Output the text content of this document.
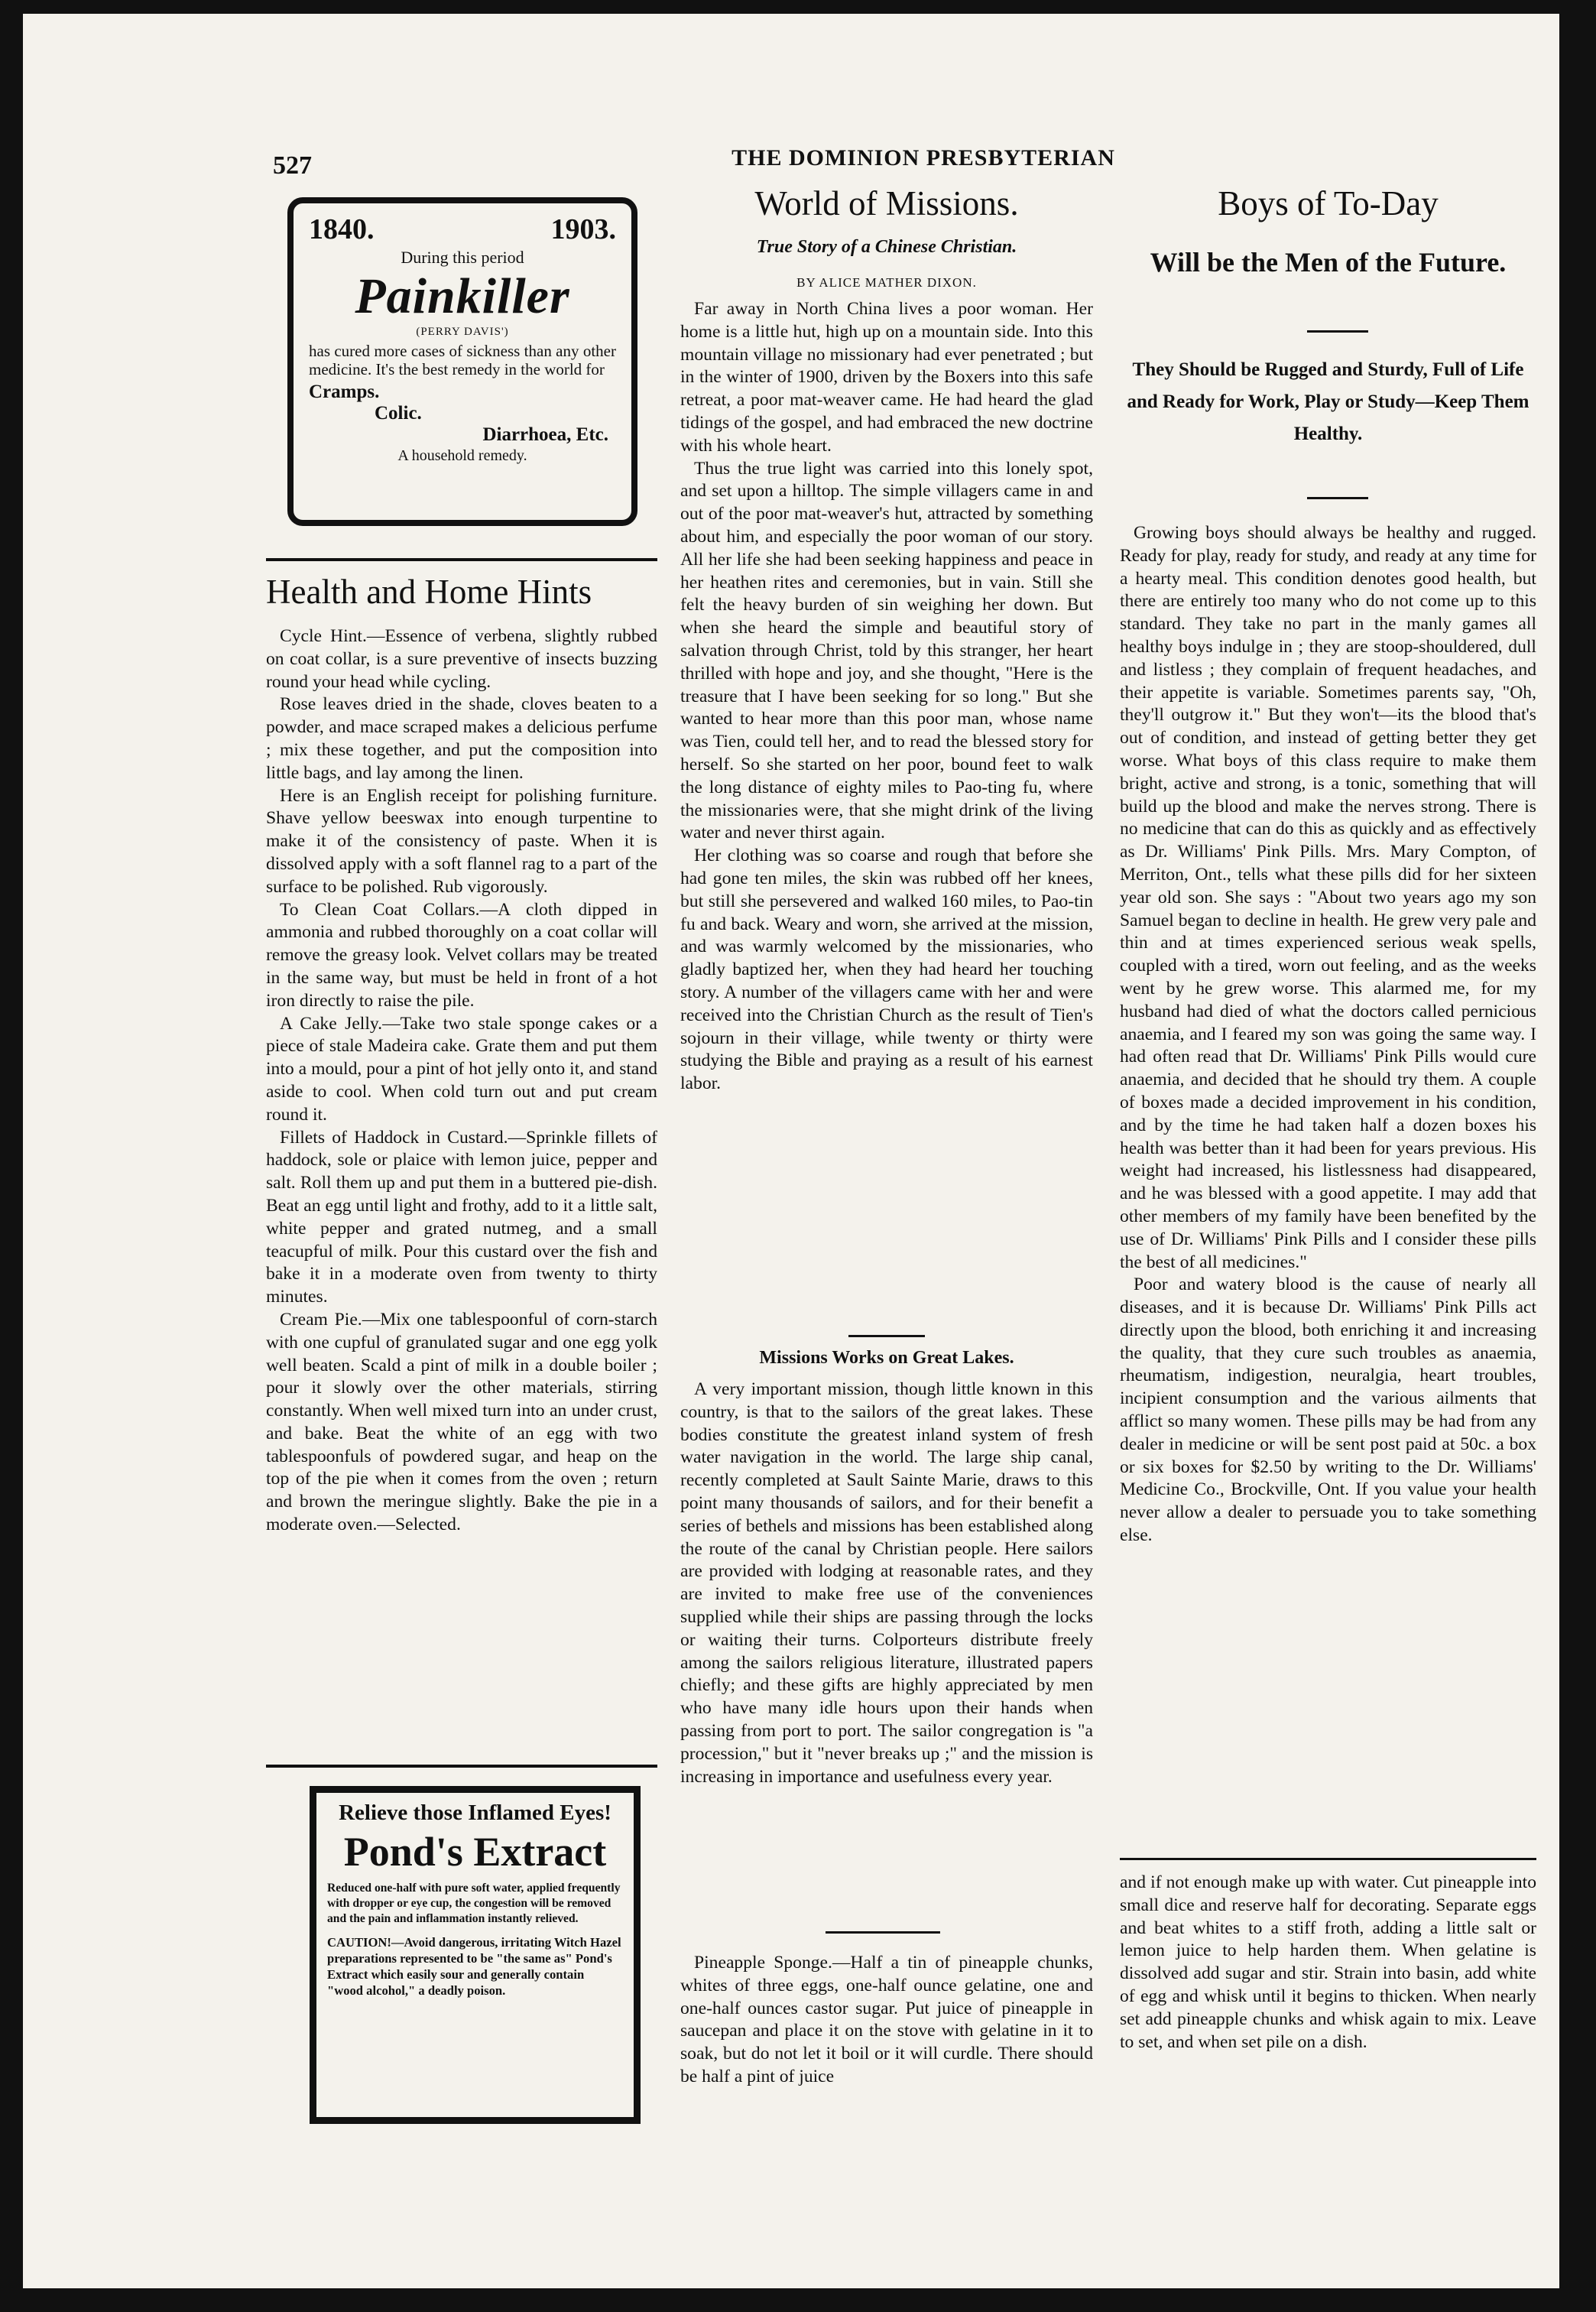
527	THE DOMINION PRESBYTERIAN
1840.	1903.
During this period
Painkiller
(PERRY DAVIS')
has cured more cases of sickness than any other medicine. It's the best remedy in the world for
Cramps.
Colic.
Diarrhoea, Etc.
A household remedy.
Health and Home Hints

Cycle Hint.—Essence of verbena, slightly rubbed on coat collar, is a sure preventive of insects buzzing round your head while cycling.

Rose leaves dried in the shade, cloves beaten to a powder, and mace scraped makes a delicious perfume ; mix these together, and put the composition into little bags, and lay among the linen.

Here is an English receipt for polishing furniture. Shave yellow beeswax into enough turpentine to make it of the consistency of paste. When it is dissolved apply with a soft flannel rag to a part of the surface to be polished. Rub vigorously.

To Clean Coat Collars.—A cloth dipped in ammonia and rubbed thoroughly on a coat collar will remove the greasy look. Velvet collars may be treated in the same way, but must be held in front of a hot iron directly to raise the pile.

A Cake Jelly.—Take two stale sponge cakes or a piece of stale Madeira cake. Grate them and put them into a mould, pour a pint of hot jelly onto it, and stand aside to cool. When cold turn out and put cream round it.

Fillets of Haddock in Custard.—Sprinkle fillets of haddock, sole or plaice with lemon juice, pepper and salt. Roll them up and put them in a buttered pie-dish. Beat an egg until light and frothy, add to it a little salt, white pepper and grated nutmeg, and a small teacupful of milk. Pour this custard over the fish and bake it in a moderate oven from twenty to thirty minutes.

Cream Pie.—Mix one tablespoonful of corn-starch with one cupful of granulated sugar and one egg yolk well beaten. Scald a pint of milk in a double boiler ; pour it slowly over the other materials, stirring constantly. When well mixed turn into an under crust, and bake. Beat the white of an egg with two tablespoonfuls of powdered sugar, and heap on the top of the pie when it comes from the oven ; return and brown the meringue slightly. Bake the pie in a moderate oven.—Selected.

Relieve those Inflamed Eyes!
Pond's Extract
Reduced one-half with pure soft water, applied frequently with dropper or eye cup, the congestion will be removed and the pain and inflammation instantly relieved.
CAUTION!—Avoid dangerous, irritating Witch Hazel preparations represented to be "the same as" Pond's Extract which easily sour and generally contain "wood alcohol," a deadly poison.
World of Missions.
True Story of a Chinese Christian.
BY ALICE MATHER DIXON.

Far away in North China lives a poor woman. Her home is a little hut, high up on a mountain side. Into this mountain village no missionary had ever penetrated ; but in the winter of 1900, driven by the Boxers into this safe retreat, a poor mat-weaver came. He had heard the glad tidings of the gospel, and had embraced the new doctrine with his whole heart.

Thus the true light was carried into this lonely spot, and set upon a hilltop. The simple villagers came in and out of the poor mat-weaver's hut, attracted by something about him, and especially the poor woman of our story. All her life she had been seeking happiness and peace in her heathen rites and ceremonies, but in vain. Still she felt the heavy burden of sin weighing her down. But when she heard the simple and beautiful story of salvation through Christ, told by this stranger, her heart thrilled with hope and joy, and she thought, "Here is the treasure that I have been seeking for so long." But she wanted to hear more than this poor man, whose name was Tien, could tell her, and to read the blessed story for herself. So she started on her poor, bound feet to walk the long distance of eighty miles to Pao-ting fu, where the missionaries were, that she might drink of the living water and never thirst again.

Her clothing was so coarse and rough that before she had gone ten miles, the skin was rubbed off her knees, but still she persevered and walked 160 miles, to Pao-tin fu and back. Weary and worn, she arrived at the mission, and was warmly welcomed by the missionaries, who gladly baptized her, when they had heard her touching story. A number of the villagers came with her and were received into the Christian Church as the result of Tien's sojourn in their village, while twenty or thirty were studying the Bible and praying as a result of his earnest labor.

Missions Works on Great Lakes.

A very important mission, though little known in this country, is that to the sailors of the great lakes. These bodies constitute the greatest inland system of fresh water navigation in the world. The large ship canal, recently completed at Sault Sainte Marie, draws to this point many thousands of sailors, and for their benefit a series of bethels and missions has been established along the route of the canal by Christian people. Here sailors are provided with lodging at reasonable rates, and they are invited to make free use of the conveniences supplied while their ships are passing through the locks or waiting their turns. Colporteurs distribute freely among the sailors religious literature, illustrated papers chiefly; and these gifts are highly appreciated by men who have many idle hours upon their hands when passing from port to port. The sailor congregation is "a procession," but it "never breaks up ;" and the mission is increasing in importance and usefulness every year.

Pineapple Sponge.—Half a tin of pineapple chunks, whites of three eggs, one-half ounce gelatine, one and one-half ounces castor sugar. Put juice of pineapple in saucepan and place it on the stove with gelatine in it to soak, but do not let it boil or it will curdle. There should be half a pint of juice

Boys of To-Day
Will be the Men of the Future.
They Should be Rugged and Sturdy, Full of Life and Ready for Work, Play or Study—Keep Them Healthy.

Growing boys should always be healthy and rugged. Ready for play, ready for study, and ready at any time for a hearty meal. This condition denotes good health, but there are entirely too many who do not come up to this standard. They take no part in the manly games all healthy boys indulge in ; they are stoop-shouldered, dull and listless ; they complain of frequent headaches, and their appetite is variable. Sometimes parents say, "Oh, they'll outgrow it." But they won't—its the blood that's out of condition, and instead of getting better they get worse. What boys of this class require to make them bright, active and strong, is a tonic, something that will build up the blood and make the nerves strong. There is no medicine that can do this as quickly and as effectively as Dr. Williams' Pink Pills. Mrs. Mary Compton, of Merriton, Ont., tells what these pills did for her sixteen year old son. She says : "About two years ago my son Samuel began to decline in health. He grew very pale and thin and at times experienced serious weak spells, coupled with a tired, worn out feeling, and as the weeks went by he grew worse. This alarmed me, for my husband had died of what the doctors called pernicious anaemia, and I feared my son was going the same way. I had often read that Dr. Williams' Pink Pills would cure anaemia, and decided that he should try them. A couple of boxes made a decided improvement in his condition, and by the time he had taken half a dozen boxes his health was better than it had been for years previous. His weight had increased, his listlessness had disappeared, and he was blessed with a good appetite. I may add that other members of my family have been benefited by the use of Dr. Williams' Pink Pills and I consider these pills the best of all medicines."

Poor and watery blood is the cause of nearly all diseases, and it is because Dr. Williams' Pink Pills act directly upon the blood, both enriching it and increasing the quality, that they cure such troubles as anaemia, rheumatism, indigestion, neuralgia, heart troubles, incipient consumption and the various ailments that afflict so many women. These pills may be had from any dealer in medicine or will be sent post paid at 50c. a box or six boxes for $2.50 by writing to the Dr. Williams' Medicine Co., Brockville, Ont. If you value your health never allow a dealer to persuade you to take something else.

and if not enough make up with water. Cut pineapple into small dice and reserve half for decorating. Separate eggs and beat whites to a stiff froth, adding a little salt or lemon juice to help harden them. When gelatine is dissolved add sugar and stir. Strain into basin, add white of egg and whisk until it begins to thicken. When nearly set add pineapple chunks and whisk again to mix. Leave to set, and when set pile on a dish.
